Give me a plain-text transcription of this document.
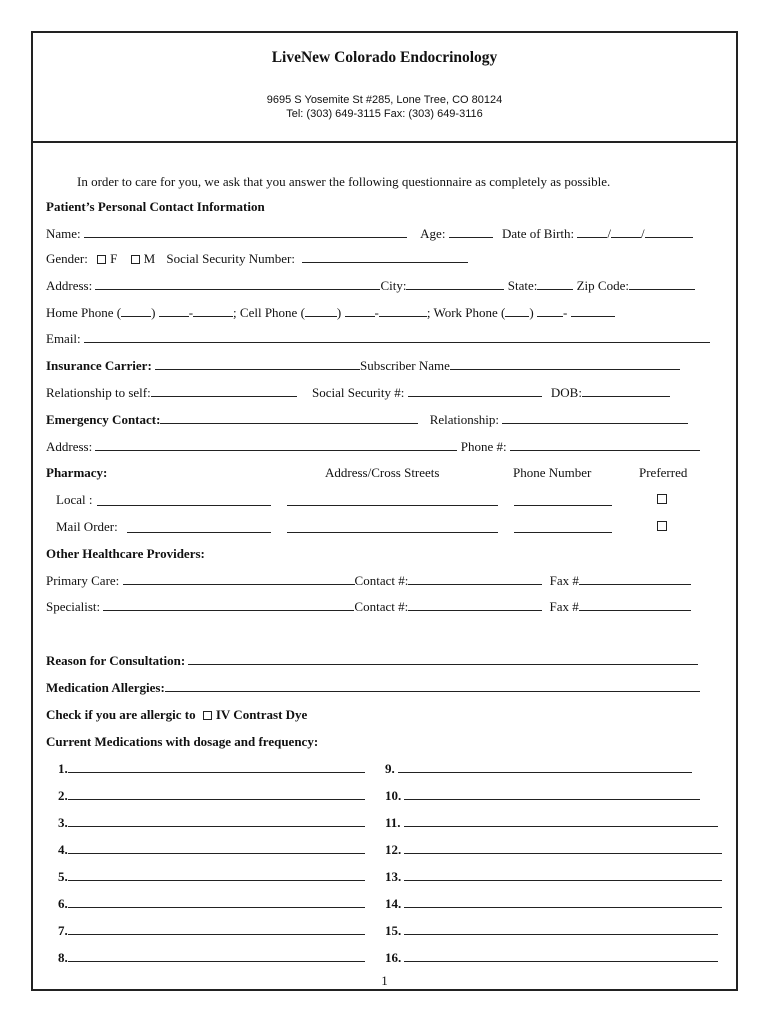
LiveNew Colorado Endocrinology
9695 S Yosemite St #285, Lone Tree, CO 80124
Tel: (303) 649-3115 Fax: (303) 649-3116
In order to care for you, we ask that you answer the following questionnaire as completely as possible.
Patient’s Personal Contact Information
Name:	Age:	Date of Birth:	/ /
Gender: F M Social Security Number:
Address:	City:	State:	Zip Code:
Home Phone ( ) -	; Cell Phone ( ) -	; Work Phone ( ) -
Email:
Insurance Carrier:	Subscriber Name
Relationship to self:	Social Security #:	DOB:
Emergency Contact:	Relationship:
Address:	Phone #:
Pharmacy:	Address/Cross Streets	Phone Number	Preferred
Local :
Mail Order:
Other Healthcare Providers:
Primary Care:	Contact #:	Fax #
Specialist:	Contact #:	Fax #
Reason for Consultation:
Medication Allergies:
Check if you are allergic to IV Contrast Dye
Current Medications with dosage and frequency:
1.
2.
3.
4.
5.
6.
7.
8.
9.
10.
11.
12.
13.
14.
15.
16.
1
